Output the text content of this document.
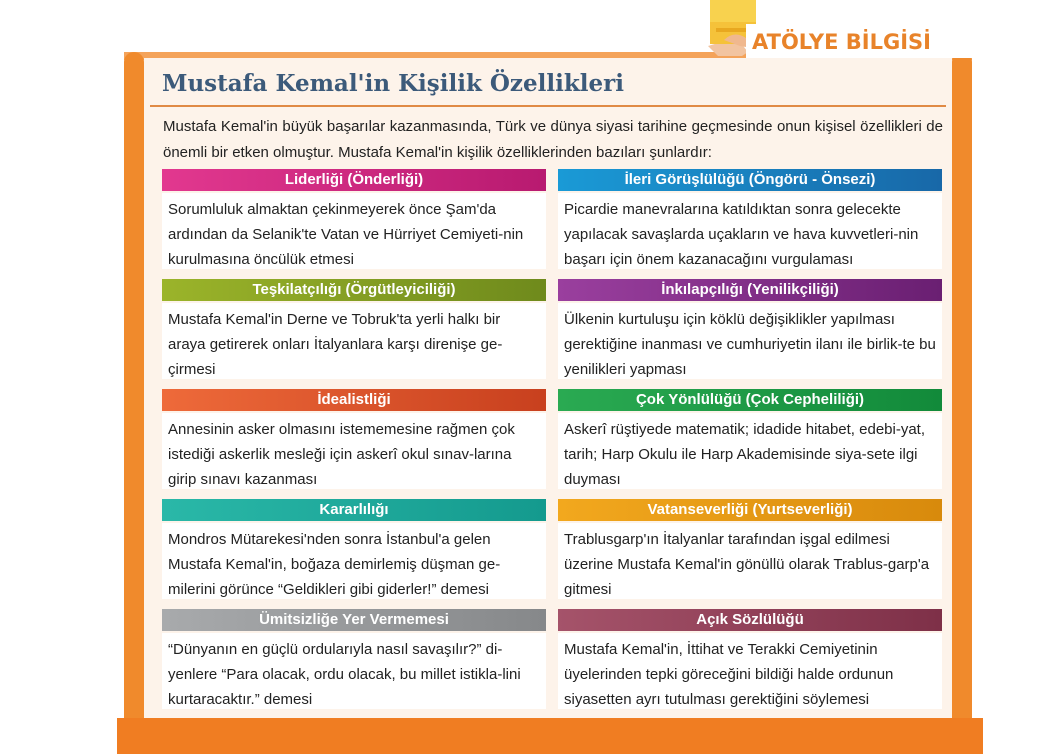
ATÖLYE BİLGİSİ
Mustafa Kemal'in Kişilik Özellikleri
Mustafa Kemal'in büyük başarılar kazanmasında, Türk ve dünya siyasi tarihine geçmesinde onun kişisel özellikleri de önemli bir etken olmuştur. Mustafa Kemal'in kişilik özelliklerinden bazıları şunlardır:
Liderliği (Önderliği)
Sorumluluk almaktan çekinmeyerek önce Şam'da ardından da Selanik'te Vatan ve Hürriyet Cemiyeti-nin kurulmasına öncülük etmesi
İleri Görüşlülüğü (Öngörü - Önsezi)
Picardie manevralarına katıldıktan sonra gelecekte yapılacak savaşlarda uçakların ve hava kuvvetleri-nin başarı için önem kazanacağını vurgulaması
Teşkilatçılığı (Örgütleyiciliği)
Mustafa Kemal'in Derne ve Tobruk'ta yerli halkı bir araya getirerek onları İtalyanlara karşı direnişe ge-çirmesi
İnkılapçılığı (Yenilikçiliği)
Ülkenin kurtuluşu için köklü değişiklikler yapılması gerektiğine inanması ve cumhuriyetin ilanı ile birlik-te bu yenilikleri yapması
İdealistliği
Annesinin asker olmasını istememesine rağmen çok istediği askerlik mesleği için askerî okul sınav-larına girip sınavı kazanması
Çok Yönlülüğü (Çok Cepheliliği)
Askerî rüştiyede matematik; idadide hitabet, edebi-yat, tarih; Harp Okulu ile Harp Akademisinde siya-sete ilgi duyması
Kararlılığı
Mondros Mütarekesi'nden sonra İstanbul'a gelen Mustafa Kemal'in, boğaza demirlemiş düşman ge-milerini görünce “Geldikleri gibi giderler!” demesi
Vatanseverliği (Yurtseverliği)
Trablusgarp'ın İtalyanlar tarafından işgal edilmesi üzerine Mustafa Kemal'in gönüllü olarak Trablus-garp'a gitmesi
Ümitsizliğe Yer Vermemesi
“Dünyanın en güçlü ordularıyla nasıl savaşılır?” di-yenlere “Para olacak, ordu olacak, bu millet istikla-lini kurtaracaktır.” demesi
Açık Sözlülüğü
Mustafa Kemal'in, İttihat ve Terakki Cemiyetinin üyelerinden tepki göreceğini bildiği halde ordunun siyasetten ayrı tutulması gerektiğini söylemesi
